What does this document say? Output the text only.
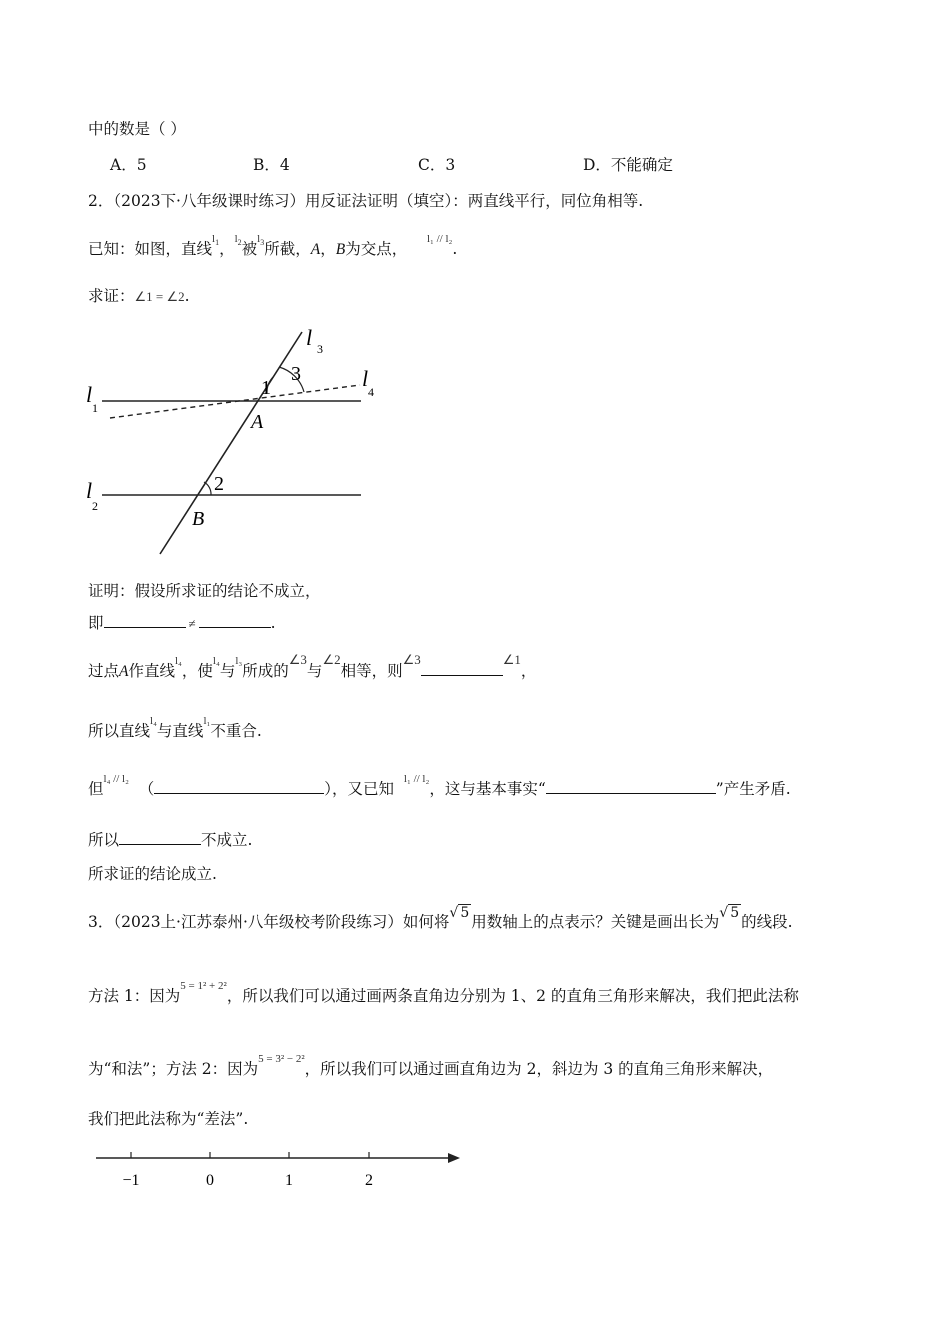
中的数是（ ）
A．5	B．4	C．3	D．不能确定
2．（2023下·八年级课时练习）用反证法证明（填空）：两直线平行，同位角相等.
已知：如图，直线$^{l_1}$，$^{l_2}$被$^{l_3}$所截，A，B为交点，    $^{l_1 // l_2}$.
求证：∠1 = ∠2.
l 3
l
4
l
1
l
2
1
3
2
A
B
证明：假设所求证的结论不成立，
即	≠	.
过点A作直线$^{l_4}$，使$^{l_4}$与$^{l_3}$所成的$^{\angle 3}$与$^{\angle 2}$相等，则$^{\angle 3}$	$^{\angle 1}$，
所以直线$^{l_4}$与直线$^{l_1}$不重合.
但$^{l_4 // l_2}$  （	），又已知  $^{l_1 // l_2}$，这与基本事实“	”产生矛盾.
所以	不成立.
所求证的结论成立.
3．（2023上·江苏泰州·八年级校考阶段练习）如何将√ 5 用数轴上的点表示？关键是画出长为√ 5 的线段.
方法 1：因为$^{5 = 1^2 + 2^2}$，所以我们可以通过画两条直角边分别为 1、2 的直角三角形来解决，我们把此法称
为“和法”；方法 2：因为$^{5 = 3^2 - 2^2}$，所以我们可以通过画直角边为 2，斜边为 3 的直角三角形来解决，
我们把此法称为“差法”.
−1	0	1	2
